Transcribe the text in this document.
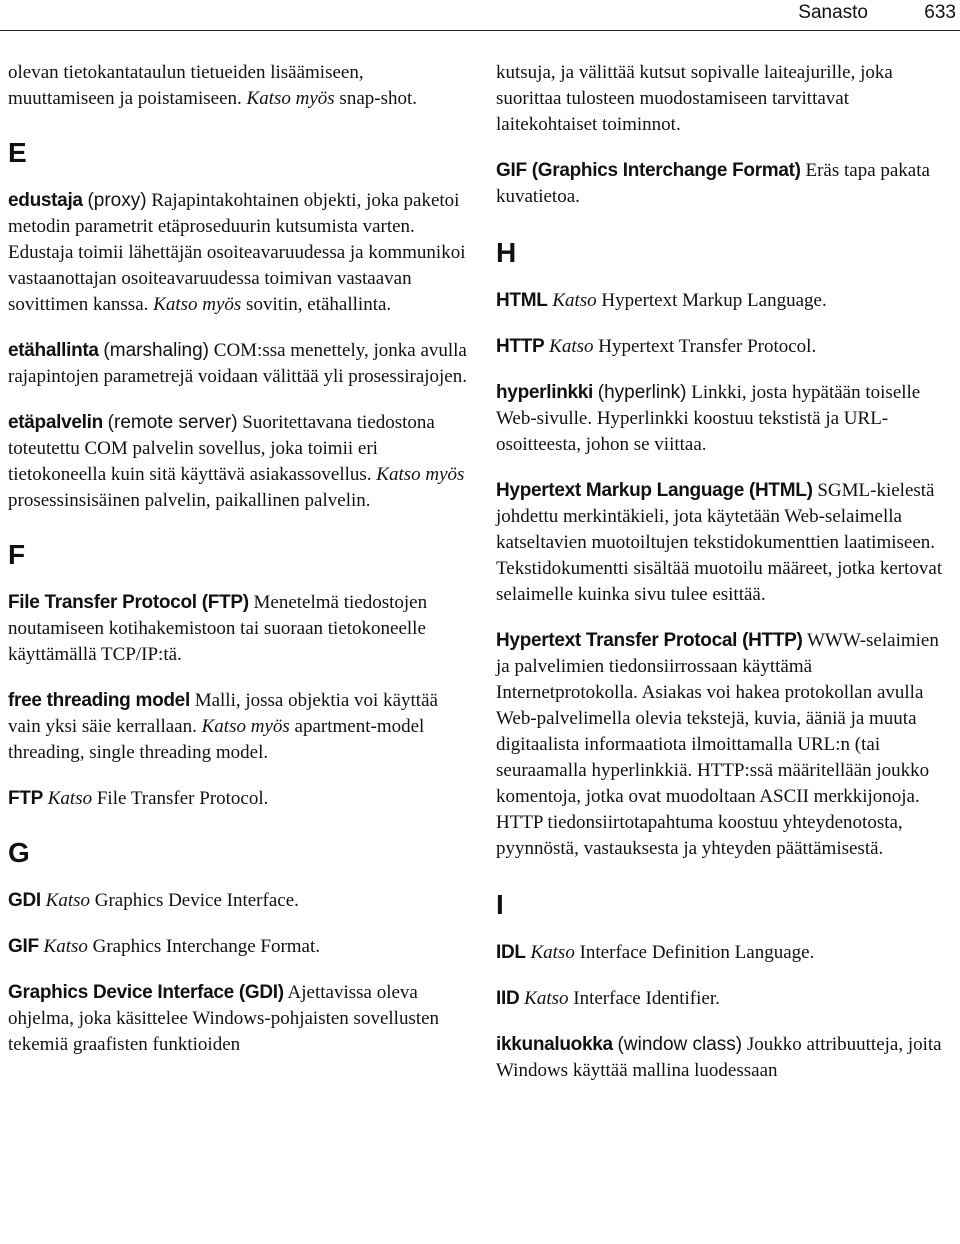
Sanasto	633

olevan tietokantataulun tietueiden lisäämiseen, muuttamiseen ja poistamiseen. Katso myös snap-shot.

E

edustaja (proxy) Rajapintakohtainen objekti, joka paketoi metodin parametrit etäproseduurin kutsumista varten. Edustaja toimii lähettäjän osoiteavaruudessa ja kommunikoi vastaanottajan osoiteavaruudessa toimivan vastaavan sovittimen kanssa. Katso myös sovitin, etähallinta.

etähallinta (marshaling) COM:ssa menettely, jonka avulla rajapintojen parametrejä voidaan välittää yli prosessirajojen.

etäpalvelin (remote server) Suoritettavana tiedostona toteutettu COM palvelin sovellus, joka toimii eri tietokoneella kuin sitä käyttävä asiakassovellus. Katso myös prosessinsisäinen palvelin, paikallinen palvelin.

F

File Transfer Protocol (FTP) Menetelmä tiedostojen noutamiseen kotihakemistoon tai suoraan tietokoneelle käyttämällä TCP/IP:tä.

free threading model Malli, jossa objektia voi käyttää vain yksi säie kerrallaan. Katso myös apartment-model threading, single threading model.

FTP Katso File Transfer Protocol.

G

GDI Katso Graphics Device Interface.

GIF Katso Graphics Interchange Format.

Graphics Device Interface (GDI) Ajettavissa oleva ohjelma, joka käsittelee Windows-pohjaisten sovellusten tekemiä graafisten funktioiden

kutsuja, ja välittää kutsut sopivalle laiteajurille, joka suorittaa tulosteen muodostamiseen tarvittavat laitekohtaiset toiminnot.

GIF (Graphics Interchange Format) Eräs tapa pakata kuvatietoa.

H

HTML Katso Hypertext Markup Language.

HTTP Katso Hypertext Transfer Protocol.

hyperlinkki (hyperlink) Linkki, josta hypätään toiselle Web-sivulle. Hyperlinkki koostuu tekstistä ja URL-osoitteesta, johon se viittaa.

Hypertext Markup Language (HTML) SGML-kielestä johdettu merkintäkieli, jota käytetään Web-selaimella katseltavien muotoiltujen tekstidokumenttien laatimiseen. Tekstidokumentti sisältää muotoilu määreet, jotka kertovat selaimelle kuinka sivu tulee esittää.

Hypertext Transfer Protocal (HTTP) WWW-selaimien ja palvelimien tiedonsiirrossaan käyttämä Internetprotokolla. Asiakas voi hakea protokollan avulla Web-palvelimella olevia tekstejä, kuvia, ääniä ja muuta digitaalista informaatiota ilmoittamalla URL:n (tai seuraamalla hyperlinkkiä. HTTP:ssä määritellään joukko komentoja, jotka ovat muodoltaan ASCII merkkijonoja. HTTP tiedonsiirtotapahtuma koostuu yhteydenotosta, pyynnöstä, vastauksesta ja yhteyden päättämisestä.

I

IDL Katso Interface Definition Language.

IID Katso Interface Identifier.

ikkunaluokka (window class) Joukko attribuutteja, joita Windows käyttää mallina luodessaan
